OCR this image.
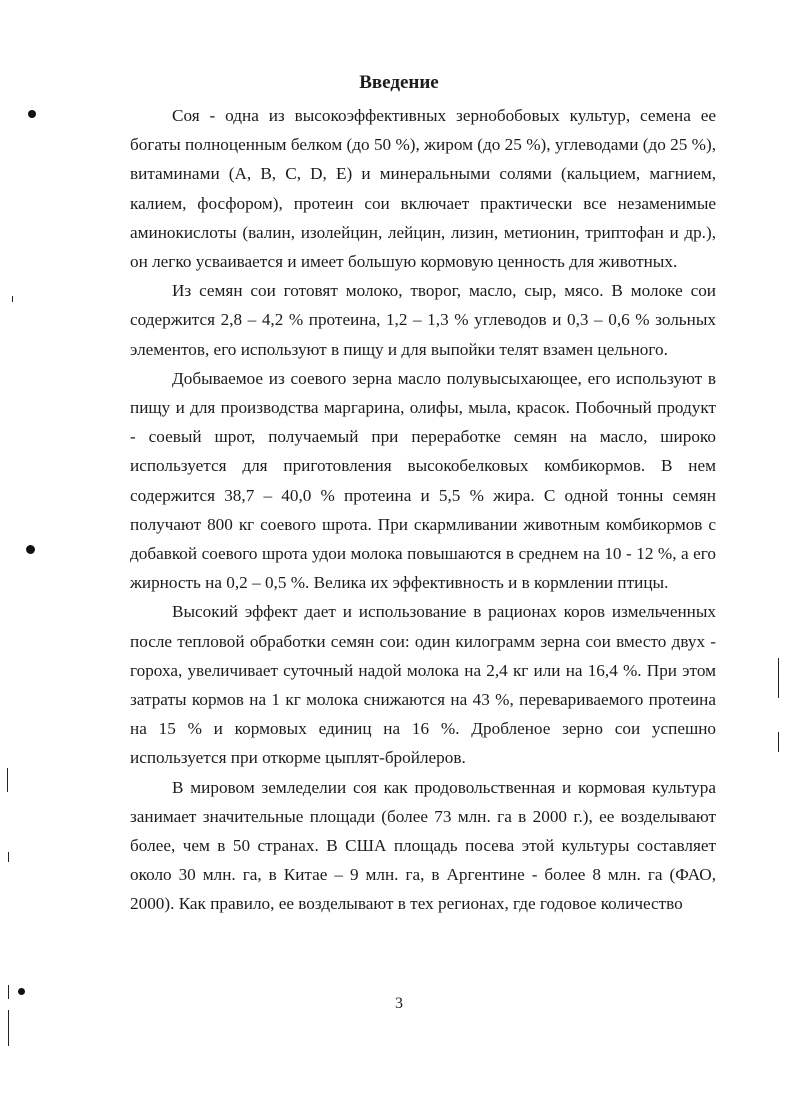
Введение

Соя - одна из высокоэффективных зернобобовых культур, семена ее богаты полноценным белком (до 50 %), жиром (до 25 %), углеводами (до 25 %), витаминами (A, B, C, D, E) и минеральными солями (кальцием, магнием, калием, фосфором), протеин сои включает практически все незаменимые аминокислоты (валин, изолейцин, лейцин, лизин, метионин, триптофан и др.), он легко усваивается и имеет большую кормовую ценность для животных.

Из семян сои готовят молоко, творог, масло, сыр, мясо. В молоке сои содержится 2,8 – 4,2 % протеина, 1,2 – 1,3 % углеводов и 0,3 – 0,6 % зольных элементов, его используют в пищу и для выпойки телят взамен цельного.

Добываемое из соевого зерна масло полувысыхающее, его используют в пищу и для производства маргарина, олифы, мыла, красок. Побочный продукт - соевый шрот, получаемый при переработке семян на масло, широко используется для приготовления высокобелковых комбикормов. В нем содержится 38,7 – 40,0 % протеина и 5,5 % жира. С одной тонны семян получают 800 кг соевого шрота. При скармливании животным комбикормов с добавкой соевого шрота удои молока повышаются в среднем на 10 - 12 %, а его жирность на 0,2 – 0,5 %. Велика их эффективность и в кормлении птицы.

Высокий эффект дает и использование в рационах коров измельченных после тепловой обработки семян сои: один килограмм зерна сои вместо двух - гороха, увеличивает суточный надой молока на 2,4 кг или на 16,4 %. При этом затраты кормов на 1 кг молока снижаются на 43 %, перевариваемого протеина на 15 % и кормовых единиц на 16 %. Дробленое зерно сои успешно используется при откорме цыплят-бройлеров.

В мировом земледелии соя как продовольственная и кормовая культура занимает значительные площади (более 73 млн. га в 2000 г.), ее возделывают более, чем в 50 странах. В США площадь посева этой культуры составляет около 30 млн. га, в Китае – 9 млн. га, в Аргентине - более 8 млн. га (ФАО, 2000). Как правило, ее возделывают в тех регионах, где годовое количество

3
